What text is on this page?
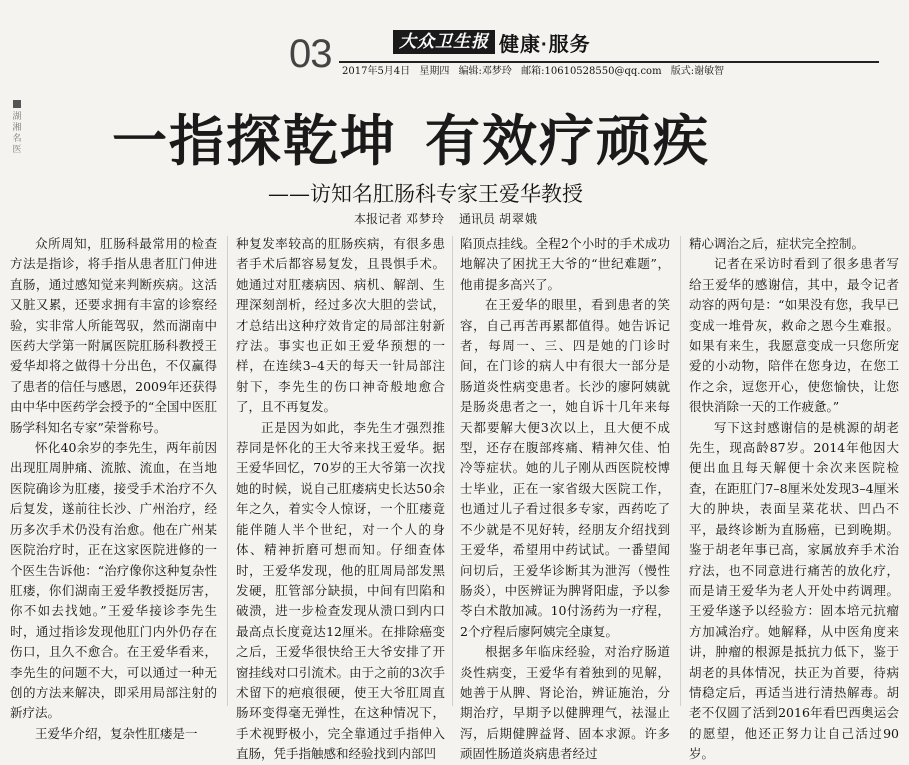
03	大众卫生报 健康·服务
2017年5月4日 星期四 编辑:邓梦玲 邮箱:10610528550@qq.com 版式:谢敏智
湖
湘
名
医 一指探乾坤 有效疗顽疾
——访知名肛肠科专家王爱华教授
本报记者 邓梦玲 通讯员 胡翠娥

众所周知，肛肠科最常用的检查方法是指诊，将手指从患者肛门伸进直肠，通过感知觉来判断疾病。这活又脏又累，还要求拥有丰富的诊察经验，实非常人所能驾驭，然而湖南中医药大学第一附属医院肛肠科教授王爱华却将之做得十分出色，不仅赢得了患者的信任与感恩，2009年还获得由中华中医药学会授予的“全国中医肛肠学科知名专家”荣誉称号。

怀化40余岁的李先生，两年前因出现肛周肿痛、流脓、流血，在当地医院确诊为肛瘘，接受手术治疗不久后复发，遂前往长沙、广州治疗，经历多次手术仍没有治愈。他在广州某医院治疗时，正在这家医院进修的一个医生告诉他：“治疗像你这种复杂性肛瘘，你们湖南王爱华教授挺厉害，你不如去找她。”王爱华接诊李先生时，通过指诊发现他肛门内外仍存在伤口，且久不愈合。在王爱华看来，李先生的问题不大，可以通过一种无创的方法来解决，即采用局部注射的新疗法。

王爱华介绍，复杂性肛瘘是一

种复发率较高的肛肠疾病，有很多患者手术后都容易复发，且畏惧手术。她通过对肛瘘病因、病机、解剖、生理深刻剖析，经过多次大胆的尝试，才总结出这种疗效肯定的局部注射新疗法。事实也正如王爱华预想的一样，在连续3–4天的每天一针局部注射下，李先生的伤口神奇般地愈合了，且不再复发。

正是因为如此，李先生才强烈推荐同是怀化的王大爷来找王爱华。据王爱华回忆，70岁的王大爷第一次找她的时候，说自己肛瘘病史长达50余年之久，着实令人惊讶，一个肛瘘竟能伴随人半个世纪，对一个人的身体、精神折磨可想而知。仔细查体时，王爱华发现，他的肛周局部发黑发硬，肛管部分缺损，中间有凹陷和破溃，进一步检查发现从溃口到内口最高点长度竟达12厘米。在排除癌变之后，王爱华很快给王大爷安排了开窗挂线对口引流术。由于之前的3次手术留下的疤痕很硬，使王大爷肛周直肠环变得毫无弹性，在这种情况下，手术视野极小，完全靠通过手指伸入直肠，凭手指触感和经验找到内部凹

陷顶点挂线。全程2个小时的手术成功地解决了困扰王大爷的“世纪难题”，他甫提多高兴了。

在王爱华的眼里，看到患者的笑容，自己再苦再累都值得。她告诉记者，每周一、三、四是她的门诊时间，在门诊的病人中有很大一部分是肠道炎性病变患者。长沙的廖阿姨就是肠炎患者之一，她自诉十几年来每天都要解大便3次以上，且大便不成型，还存在腹部疼痛、精神欠佳、怕冷等症状。她的儿子刚从西医院校博士毕业，正在一家省级大医院工作，也通过儿子看过很多专家，西药吃了不少就是不见好转，经朋友介绍找到王爱华，希望用中药试试。一番望闻问切后，王爱华诊断其为泄泻（慢性肠炎），中医辨证为脾肾阳虚，予以参苓白术散加减。10付汤药为一疗程，2个疗程后廖阿姨完全康复。

根据多年临床经验，对治疗肠道炎性病变，王爱华有着独到的见解，她善于从脾、肾论治，辨证施治，分期治疗，早期予以健脾理气，祛湿止泻，后期健脾益肾、固本求源。许多顽固性肠道炎病患者经过

精心调治之后，症状完全控制。

记者在采访时看到了很多患者写给王爱华的感谢信，其中，最令记者动容的两句是：“如果没有您，我早已变成一堆骨灰，救命之恩今生难报。如果有来生，我愿意变成一只您所宠爱的小动物，陪伴在您身边，在您工作之余，逗您开心，使您愉快，让您很快消除一天的工作疲惫。”

写下这封感谢信的是桃源的胡老先生，现高龄87岁。2014年他因大便出血且每天解便十余次来医院检查，在距肛门7–8厘米处发现3–4厘米大的肿块，表面呈菜花状、凹凸不平，最终诊断为直肠癌，已到晚期。鉴于胡老年事已高，家属放弃手术治疗法，也不同意进行痛苦的放化疗，而是请王爱华为老人开处中药调理。王爱华遂予以经验方：固本培元抗瘤方加减治疗。她解释，从中医角度来讲，肿瘤的根源是抵抗力低下，鉴于胡老的具体情况，扶正为首要，待病情稳定后，再适当进行清热解毒。胡老不仅圆了活到2016年看巴西奥运会的愿望，他还正努力让自己活过90岁。
